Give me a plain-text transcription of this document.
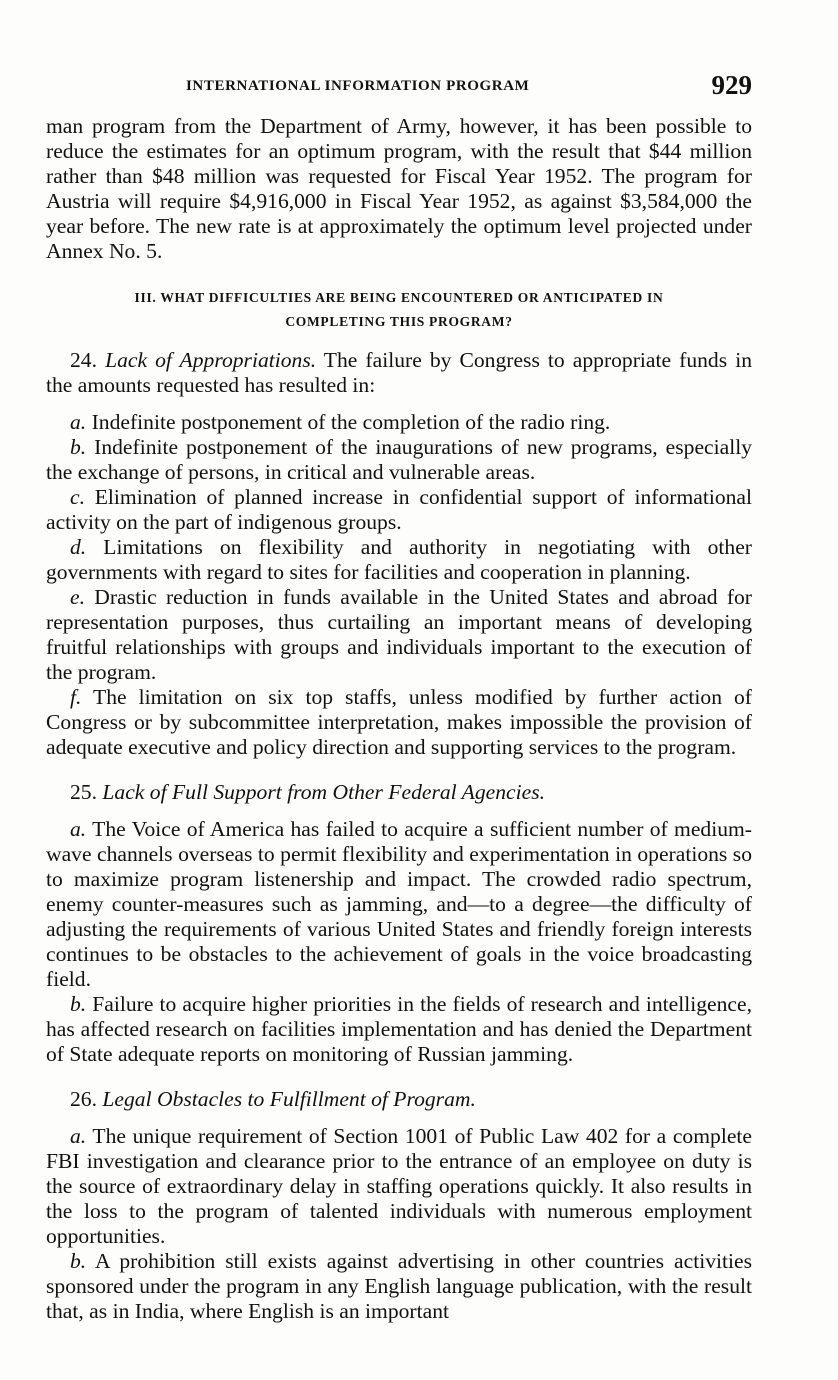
INTERNATIONAL INFORMATION PROGRAM	929

man program from the Department of Army, however, it has been possible to reduce the estimates for an optimum program, with the result that $44 million rather than $48 million was requested for Fiscal Year 1952. The program for Austria will require $4,916,000 in Fiscal Year 1952, as against $3,584,000 the year before. The new rate is at approximately the optimum level projected under Annex No. 5.

III. WHAT DIFFICULTIES ARE BEING ENCOUNTERED OR ANTICIPATED IN
COMPLETING THIS PROGRAM?

24. Lack of Appropriations. The failure by Congress to appropriate funds in the amounts requested has resulted in:

a. Indefinite postponement of the completion of the radio ring.

b. Indefinite postponement of the inaugurations of new programs, especially the exchange of persons, in critical and vulnerable areas.

c. Elimination of planned increase in confidential support of informational activity on the part of indigenous groups.

d. Limitations on flexibility and authority in negotiating with other governments with regard to sites for facilities and cooperation in planning.

e. Drastic reduction in funds available in the United States and abroad for representation purposes, thus curtailing an important means of developing fruitful relationships with groups and individuals important to the execution of the program.

f. The limitation on six top staffs, unless modified by further action of Congress or by subcommittee interpretation, makes impossible the provision of adequate executive and policy direction and supporting services to the program.

25. Lack of Full Support from Other Federal Agencies.

a. The Voice of America has failed to acquire a sufficient number of medium-wave channels overseas to permit flexibility and experimentation in operations so to maximize program listenership and impact. The crowded radio spectrum, enemy counter-measures such as jamming, and—to a degree—the difficulty of adjusting the requirements of various United States and friendly foreign interests continues to be obstacles to the achievement of goals in the voice broadcasting field.

b. Failure to acquire higher priorities in the fields of research and intelligence, has affected research on facilities implementation and has denied the Department of State adequate reports on monitoring of Russian jamming.

26. Legal Obstacles to Fulfillment of Program.

a. The unique requirement of Section 1001 of Public Law 402 for a complete FBI investigation and clearance prior to the entrance of an employee on duty is the source of extraordinary delay in staffing operations quickly. It also results in the loss to the program of talented individuals with numerous employment opportunities.

b. A prohibition still exists against advertising in other countries activities sponsored under the program in any English language publication, with the result that, as in India, where English is an important
